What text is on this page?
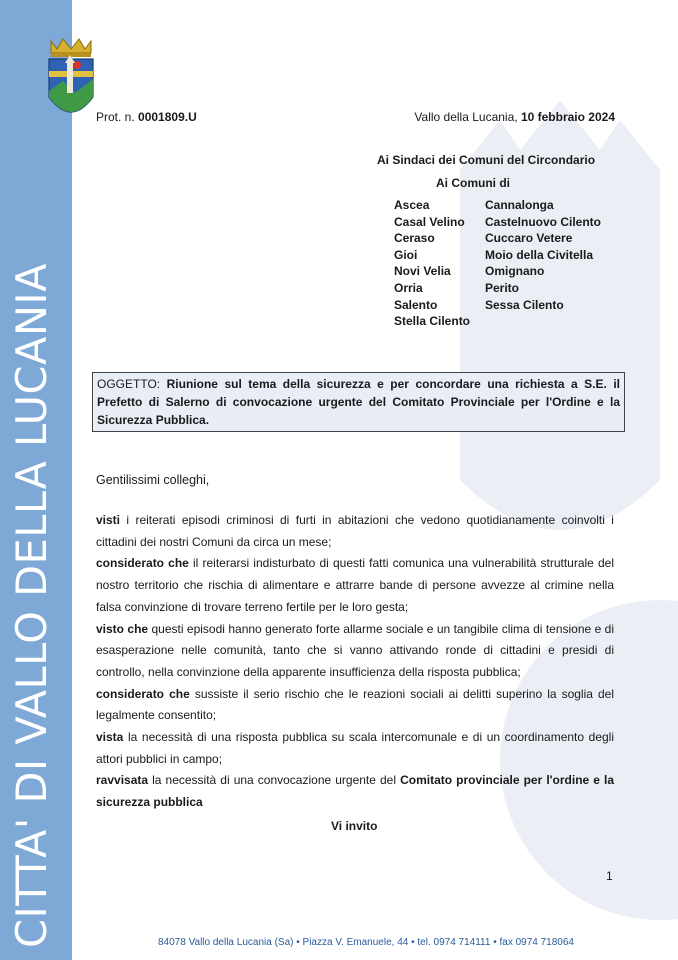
CITTA' DI VALLO DELLA LUCANIA
Prot. n. 0001809.U	Vallo della Lucania, 10 febbraio 2024
Ai Sindaci dei Comuni del Circondario
Ai Comuni di
Ascea	Cannalonga
Casal Velino	Castelnuovo Cilento
Ceraso	Cuccaro Vetere
Gioi	Moio della Civitella
Novi Velia	Omignano
Orria	Perito
Salento	Sessa Cilento
Stella Cilento
OGGETTO: Riunione sul tema della sicurezza e per concordare una richiesta a S.E. il Prefetto di Salerno di convocazione urgente del Comitato Provinciale per l'Ordine e la Sicurezza Pubblica.
Gentilissimi colleghi,

visti i reiterati episodi criminosi di furti in abitazioni che vedono quotidianamente coinvolti i cittadini dei nostri Comuni da circa un mese;

considerato che il reiterarsi indisturbato di questi fatti comunica una vulnerabilità strutturale del nostro territorio che rischia di alimentare e attrarre bande di persone avvezze al crimine nella falsa convinzione di trovare terreno fertile per le loro gesta;

visto che questi episodi hanno generato forte allarme sociale e un tangibile clima di tensione e di esasperazione nelle comunità, tanto che si vanno attivando ronde di cittadini e presidi di controllo, nella convinzione della apparente insufficienza della risposta pubblica;

considerato che sussiste il serio rischio che le reazioni sociali ai delitti superino la soglia del legalmente consentito;

vista la necessità di una risposta pubblica su scala intercomunale e di un coordinamento degli attori pubblici in campo;

ravvisata la necessità di una convocazione urgente del Comitato provinciale per l'ordine e la sicurezza pubblica

Vi invito
1
84078 Vallo della Lucania (Sa) • Piazza V. Emanuele, 44 • tel. 0974 714111 • fax 0974 718064
